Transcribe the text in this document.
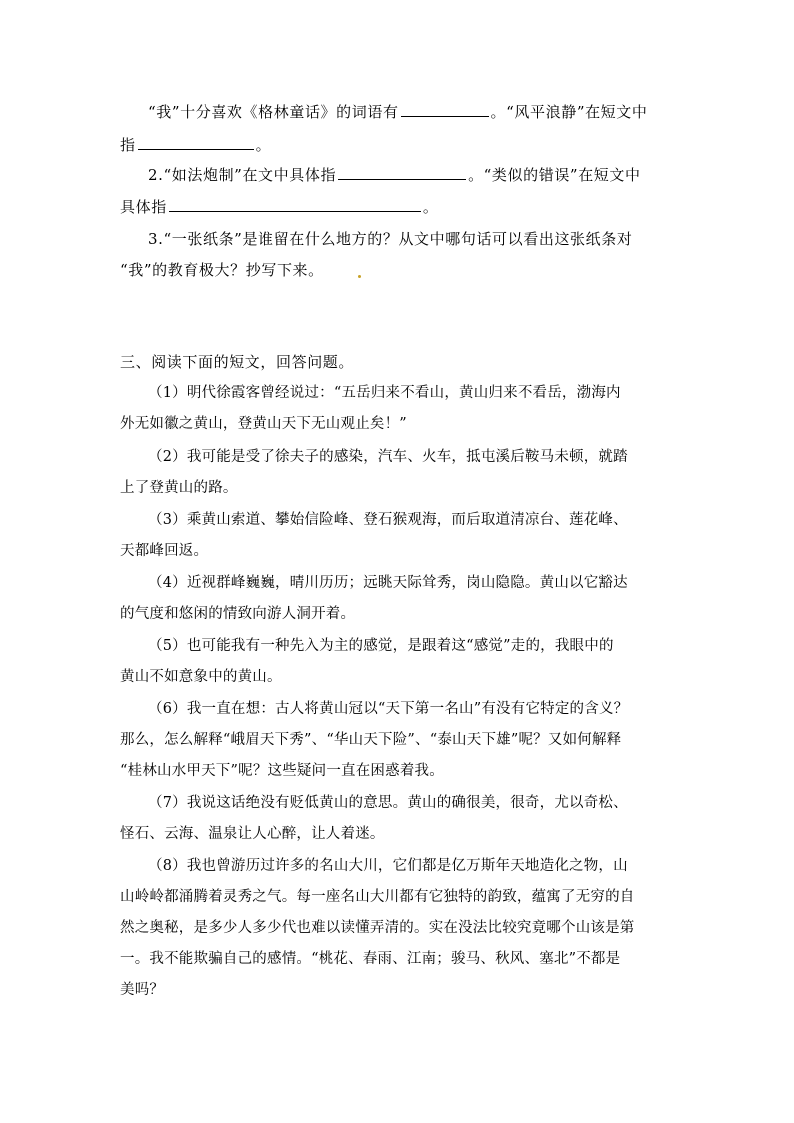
“我”十分喜欢《格林童话》的词语有	。“风平浪静”在短文中
指	。
2.“如法炮制”在文中具体指	。“类似的错误”在短文中
具体指	。
3.“一张纸条”是谁留在什么地方的？从文中哪句话可以看出这张纸条对
“我”的教育极大？抄写下来。
三、阅读下面的短文，回答问题。
（1）明代徐霞客曾经说过：“五岳归来不看山，黄山归来不看岳，渤海内
外无如徽之黄山，登黄山天下无山观止矣！”
（2）我可能是受了徐夫子的感染，汽车、火车，抵屯溪后鞍马未顿，就踏
上了登黄山的路。
（3）乘黄山索道、攀始信险峰、登石猴观海，而后取道清凉台、莲花峰、
天都峰回返。
（4）近视群峰巍巍，晴川历历；远眺天际耸秀，岗山隐隐。黄山以它豁达
的气度和悠闲的情致向游人洞开着。
（5）也可能我有一种先入为主的感觉，是跟着这“感觉”走的，我眼中的
黄山不如意象中的黄山。
（6）我一直在想：古人将黄山冠以“天下第一名山”有没有它特定的含义？
那么，怎么解释“峨眉天下秀”、“华山天下险”、“泰山天下雄”呢？又如何解释
“桂林山水甲天下”呢？这些疑问一直在困惑着我。
（7）我说这话绝没有贬低黄山的意思。黄山的确很美，很奇，尤以奇松、
怪石、云海、温泉让人心醉，让人着迷。
（8）我也曾游历过许多的名山大川，它们都是亿万斯年天地造化之物，山
山岭岭都涌腾着灵秀之气。每一座名山大川都有它独特的韵致，蕴寓了无穷的自
然之奥秘，是多少人多少代也难以读懂弄清的。实在没法比较究竟哪个山该是第
一。我不能欺骗自己的感情。“桃花、春雨、江南；骏马、秋风、塞北”不都是
美吗？
